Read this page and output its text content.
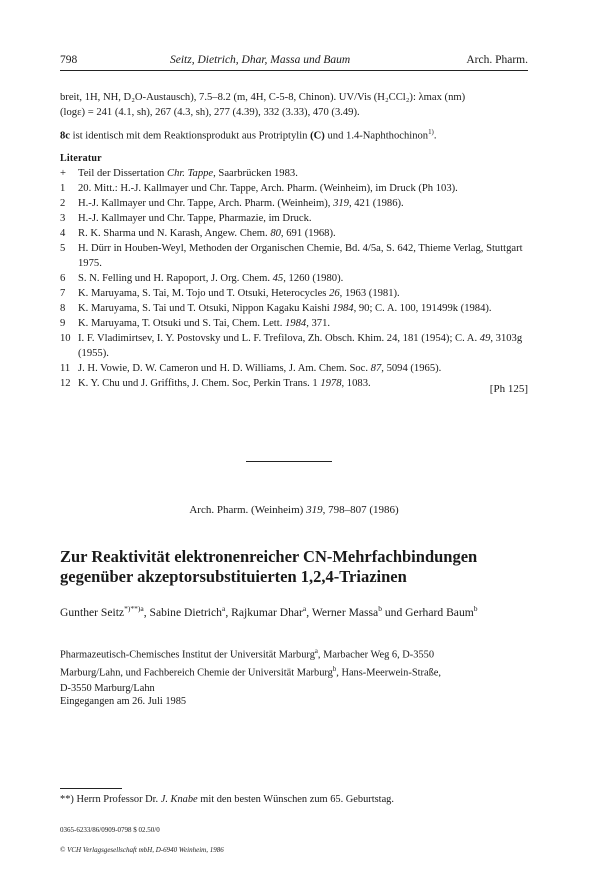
798	Seitz, Dietrich, Dhar, Massa und Baum	Arch. Pharm.
breit, 1H, NH, D₂O-Austausch), 7.5–8.2 (m, 4H, C-5-8, Chinon). UV/Vis (H₂CCl₂): λmax (nm)
(logε) = 241 (4.1, sh), 267 (4.3, sh), 277 (4.39), 332 (3.33), 470 (3.49).
8c ist identisch mit dem Reaktionsprodukt aus Protriptylin (C) und 1.4-Naphthochinon$^{1)}$.
Literatur
+ Teil der Dissertation Chr. Tappe, Saarbrücken 1983.
1 20. Mitt.: H.-J. Kallmayer und Chr. Tappe, Arch. Pharm. (Weinheim), im Druck (Ph 103).
2 H.-J. Kallmayer und Chr. Tappe, Arch. Pharm. (Weinheim), 319, 421 (1986).
3 H.-J. Kallmayer und Chr. Tappe, Pharmazie, im Druck.
4 R. K. Sharma und N. Karash, Angew. Chem. 80, 691 (1968).
5 H. Dürr in Houben-Weyl, Methoden der Organischen Chemie, Bd. 4/5a, S. 642, Thieme Verlag, Stuttgart 1975.
6 S. N. Felling und H. Rapoport, J. Org. Chem. 45, 1260 (1980).
7 K. Maruyama, S. Tai, M. Tojo und T. Otsuki, Heterocycles 26, 1963 (1981).
8 K. Maruyama, S. Tai und T. Otsuki, Nippon Kagaku Kaishi 1984, 90; C. A. 100, 191499k (1984).
9 K. Maruyama, T. Otsuki und S. Tai, Chem. Lett. 1984, 371.
10 I. F. Vladimirtsev, I. Y. Postovsky und L. F. Trefilova, Zh. Obsch. Khim. 24, 181 (1954); C. A. 49, 3103g (1955).
11 J. H. Vowie, D. W. Cameron und H. D. Williams, J. Am. Chem. Soc. 87, 5094 (1965).
12 K. Y. Chu und J. Griffiths, J. Chem. Soc, Perkin Trans. 1 1978, 1083.	[Ph 125]
Arch. Pharm. (Weinheim) 319, 798–807 (1986)
Zur Reaktivität elektronenreicher CN-Mehrfachbindungen
gegenüber akzeptorsubstituierten 1,2,4-Triazinen
Gunther Seitz$^{*)**)a}$, Sabine Dietrich$^a$, Rajkumar Dhar$^a$, Werner Massa$^b$ und Gerhard Baum$^b$
Pharmazeutisch-Chemisches Institut der Universität Marburg$^a$, Marbacher Weg 6, D-3550
Marburg/Lahn, und Fachbereich Chemie der Universität Marburg$^b$, Hans-Meerwein-Straße,
D-3550 Marburg/Lahn
Eingegangen am 26. Juli 1985
**) Herrn Professor Dr. J. Knabe mit den besten Wünschen zum 65. Geburtstag.
0365-6233/86/0909-0798 $ 02.50/0
© VCH Verlagsgesellschaft mbH, D-6940 Weinheim, 1986
